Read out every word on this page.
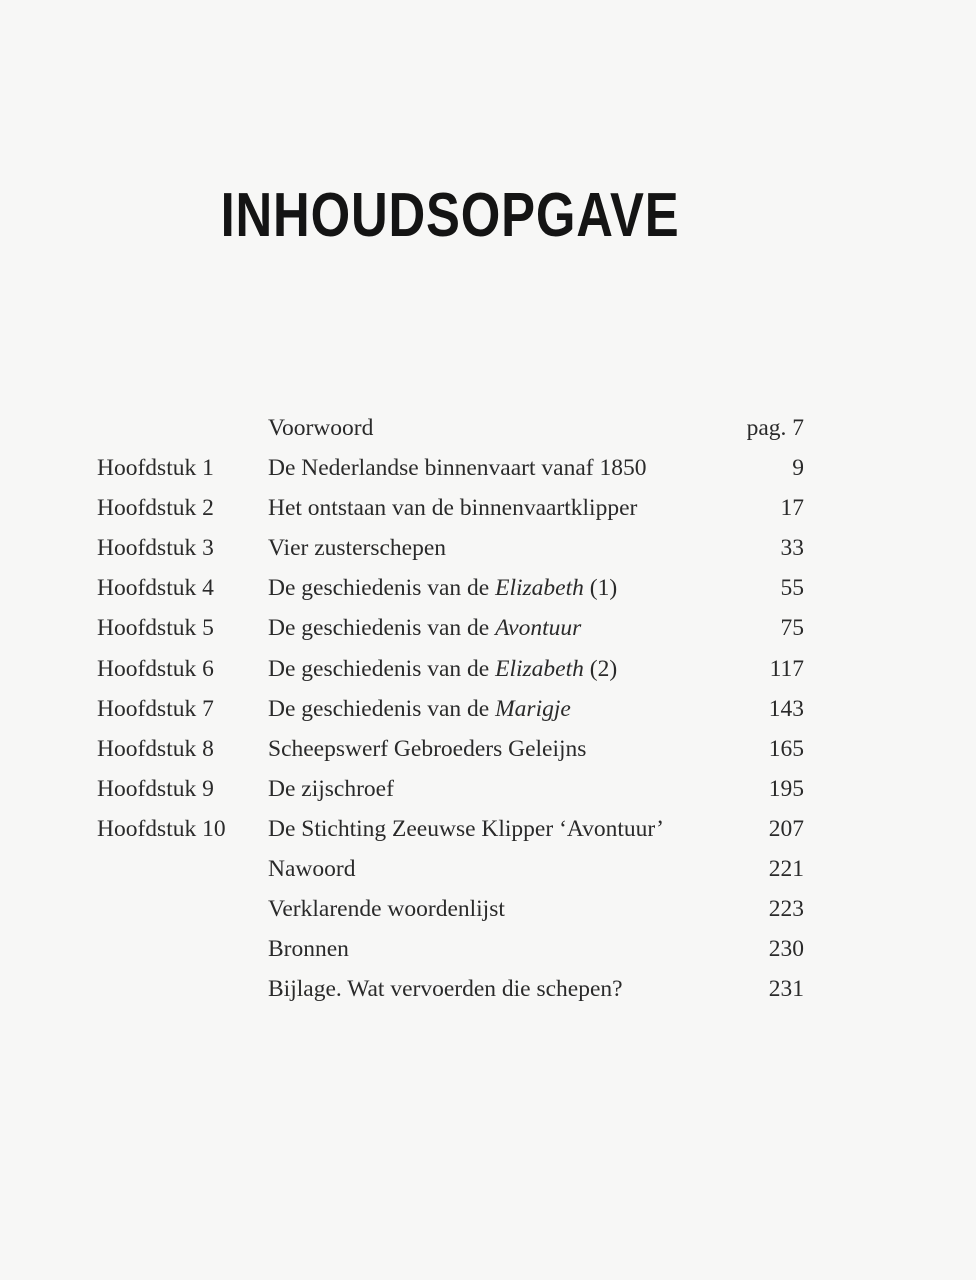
INHOUDSOPGAVE
Voorwoord	pag. 7
Hoofdstuk 1 De Nederlandse binnenvaart vanaf 1850	9
Hoofdstuk 2 Het ontstaan van de binnenvaartklipper	17
Hoofdstuk 3 Vier zusterschepen	33
Hoofdstuk 4 De geschiedenis van de Elizabeth (1)	55
Hoofdstuk 5 De geschiedenis van de Avontuur	75
Hoofdstuk 6 De geschiedenis van de Elizabeth (2)	117
Hoofdstuk 7 De geschiedenis van de Marigje	143
Hoofdstuk 8 Scheepswerf Gebroeders Geleijns	165
Hoofdstuk 9 De zijschroef	195
Hoofdstuk 10 De Stichting Zeeuwse Klipper ‘Avontuur’	207
Nawoord	221
Verklarende woordenlijst	223
Bronnen	230
Bijlage. Wat vervoerden die schepen?	231
